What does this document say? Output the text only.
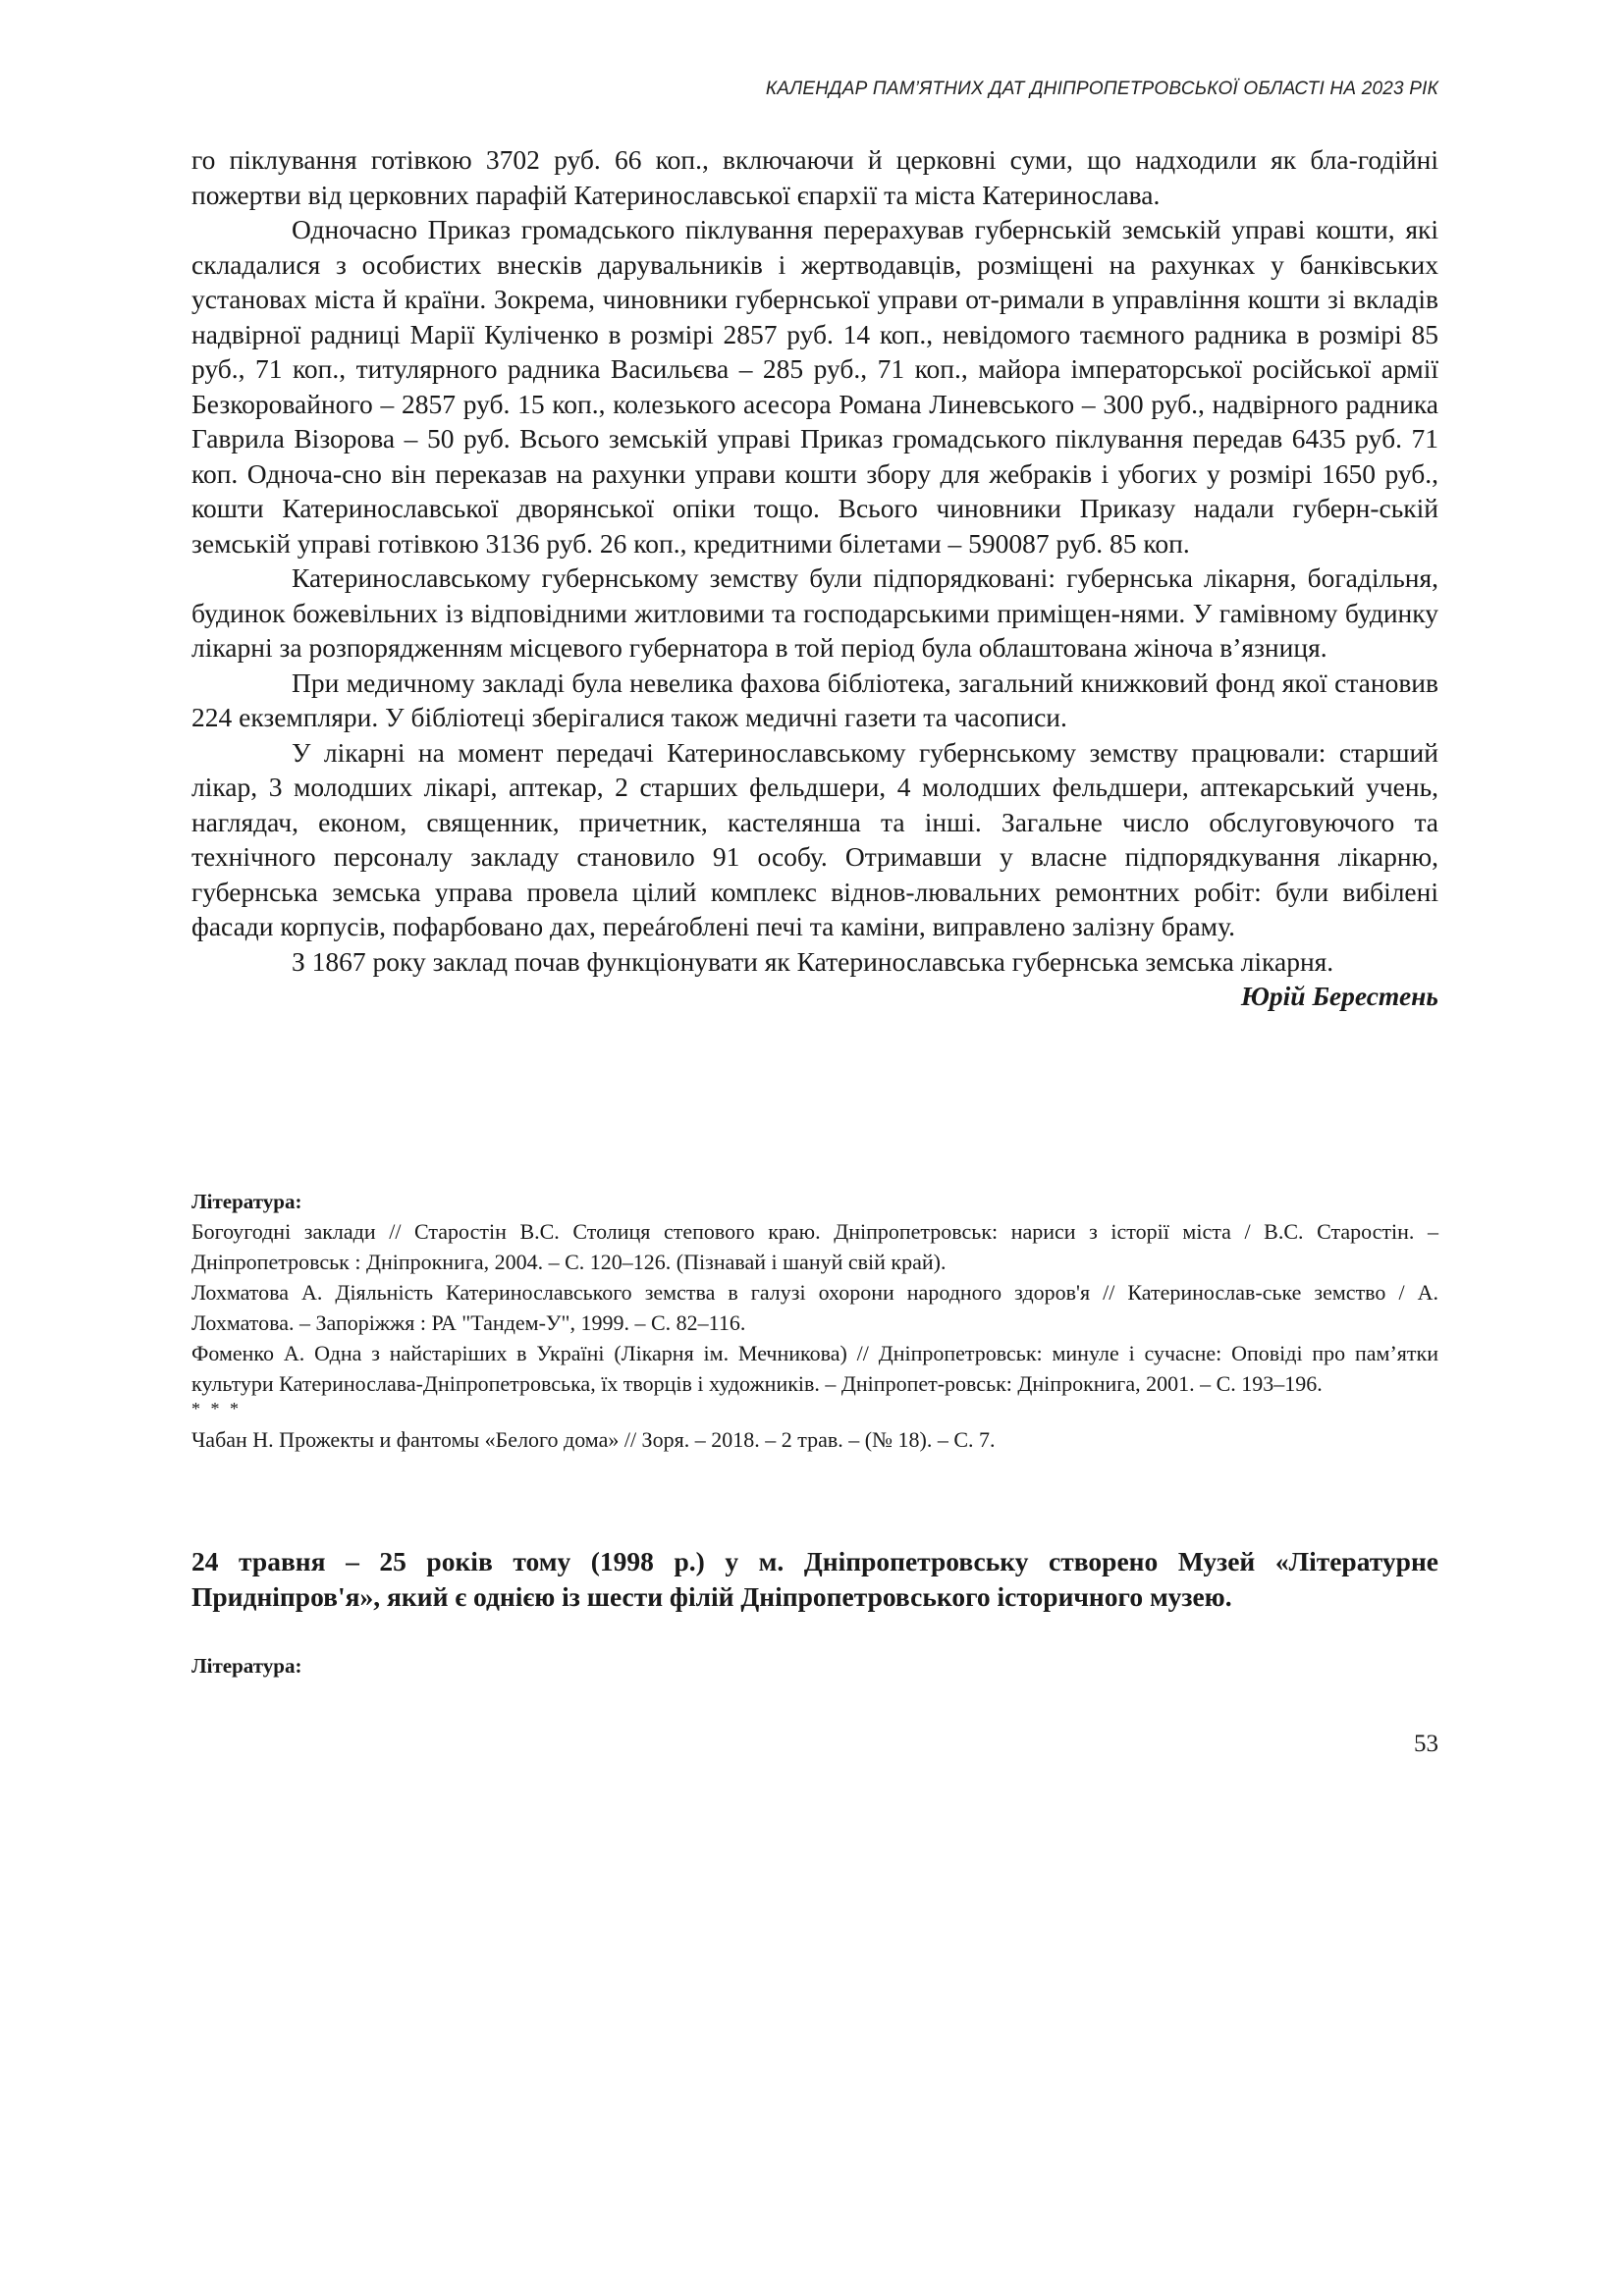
КАЛЕНДАР ПАМ’ЯТНИХ ДАТ ДНІПРОПЕТРОВСЬКОЇ ОБЛАСТІ НА 2023 РІК

го піклування готівкою 3702 руб. 66 коп., включаючи й церковні суми, що надходили як бла-годійні пожертви від церковних парафій Катеринославської єпархії та міста Катеринослава.

Одночасно Приказ громадського піклування перерахував губернській земській управі кошти, які складалися з особистих внесків дарувальників і жертводавців, розміщені на рахунках у банківських установах міста й країни. Зокрема, чиновники губернської управи от-римали в управління кошти зі вкладів надвірної радниці Марії Куліченко в розмірі 2857 руб. 14 коп., невідомого таємного радника в розмірі 85 руб., 71 коп., титулярного радника Васильєва – 285 руб., 71 коп., майора імператорської російської армії Безкоровайного – 2857 руб. 15 коп., колезького асесора Романа Линевського – 300 руб., надвірного радника Гаврила Візорова – 50 руб. Всього земській управі Приказ громадського піклування передав 6435 руб. 71 коп. Одноча-сно він переказав на рахунки управи кошти збору для жебраків і убогих у розмірі 1650 руб., кошти Катеринославської дворянської опіки тощо. Всього чиновники Приказу надали губерн-ській земській управі готівкою 3136 руб. 26 коп., кредитними білетами – 590087 руб. 85 коп.

Катеринославському губернському земству були підпорядковані: губернська лікарня, богадільня, будинок божевільних із відповідними житловими та господарськими приміщен-нями. У гамівному будинку лікарні за розпорядженням місцевого губернатора в той період була облаштована жіноча в’язниця.

При медичному закладі була невелика фахова бібліотека, загальний книжковий фонд якої становив 224 екземпляри. У бібліотеці зберігалися також медичні газети та часописи.

У лікарні на момент передачі Катеринославському губернському земству працювали: старший лікар, 3 молодших лікарі, аптекар, 2 старших фельдшери, 4 молодших фельдшери, аптекарський учень, наглядач, економ, священник, причетник, кастелянша та інші. Загальне число обслуговуючого та технічного персоналу закладу становило 91 особу. Отримавши у власне підпорядкування лікарню, губернська земська управа провела цілий комплекс віднов-лювальних ремонтних робіт: були вибілені фасади корпусів, пофарбовано дах, переároблені печі та каміни, виправлено залізну браму.

З 1867 року заклад почав функціонувати як Катеринославська губернська земська лікарня.

Юрій Берестень

Література:

Богоугодні заклади // Старостін В.С. Столиця степового краю. Дніпропетровськ: нариси з історії міста / В.С. Старостін. – Дніпропетровськ : Дніпрокнига, 2004. – С. 120–126. (Пізнавай і шануй свій край).

Лохматова А. Діяльність Катеринославського земства в галузі охорони народного здоров'я // Катеринослав-ське земство / А. Лохматова. – Запоріжжя : РА "Тандем-У", 1999. – С. 82–116.

Фоменко А. Одна з найстаріших в Україні (Лікарня ім. Мечникова) // Дніпропетровськ: минуле і сучасне: Оповіді про пам’ятки культури Катеринослава-Дніпропетровська, їх творців і художників. – Дніпропет-ровськ: Дніпрокнига, 2001. – С. 193–196.

* * *

Чабан Н. Прожекты и фантомы «Белого дома» // Зоря. – 2018. – 2 трав. – (№ 18). – С. 7.

24 травня – 25 років тому (1998 р.) у м. Дніпропетровську створено Музей «Літературне Придніпров'я», який є однією із шести філій Дніпропетровського історичного музею.

Література:

53
